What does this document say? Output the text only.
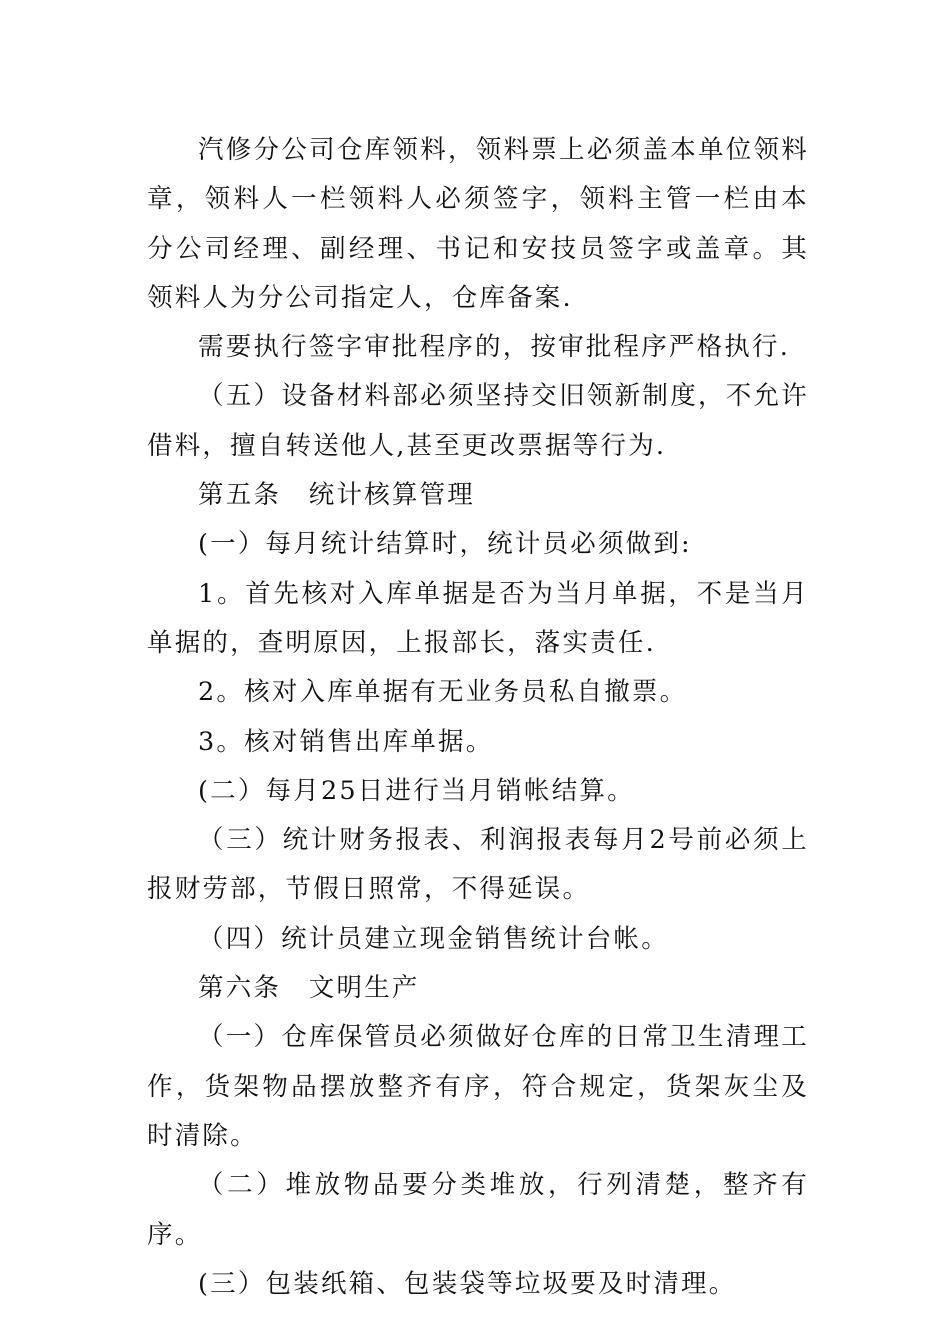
汽修分公司仓库领料，领料票上必须盖本单位领料章，领料人一栏领料人必须签字，领料主管一栏由本分公司经理、副经理、书记和安技员签字或盖章。其领料人为分公司指定人，仓库备案.

需要执行签字审批程序的，按审批程序严格执行.

（五）设备材料部必须坚持交旧领新制度，不允许借料，擅自转送他人,甚至更改票据等行为.

第五条　统计核算管理

(一）每月统计结算时，统计员必须做到:

1。首先核对入库单据是否为当月单据，不是当月单据的，查明原因，上报部长，落实责任.

2。核对入库单据有无业务员私自撤票。

3。核对销售出库单据。

(二）每月25日进行当月销帐结算。

（三）统计财务报表、利润报表每月2号前必须上报财劳部，节假日照常，不得延误。

（四）统计员建立现金销售统计台帐。

第六条　文明生产

（一）仓库保管员必须做好仓库的日常卫生清理工作，货架物品摆放整齐有序，符合规定，货架灰尘及时清除。

（二）堆放物品要分类堆放，行列清楚，整齐有序。

(三）包装纸箱、包装袋等垃圾要及时清理。
